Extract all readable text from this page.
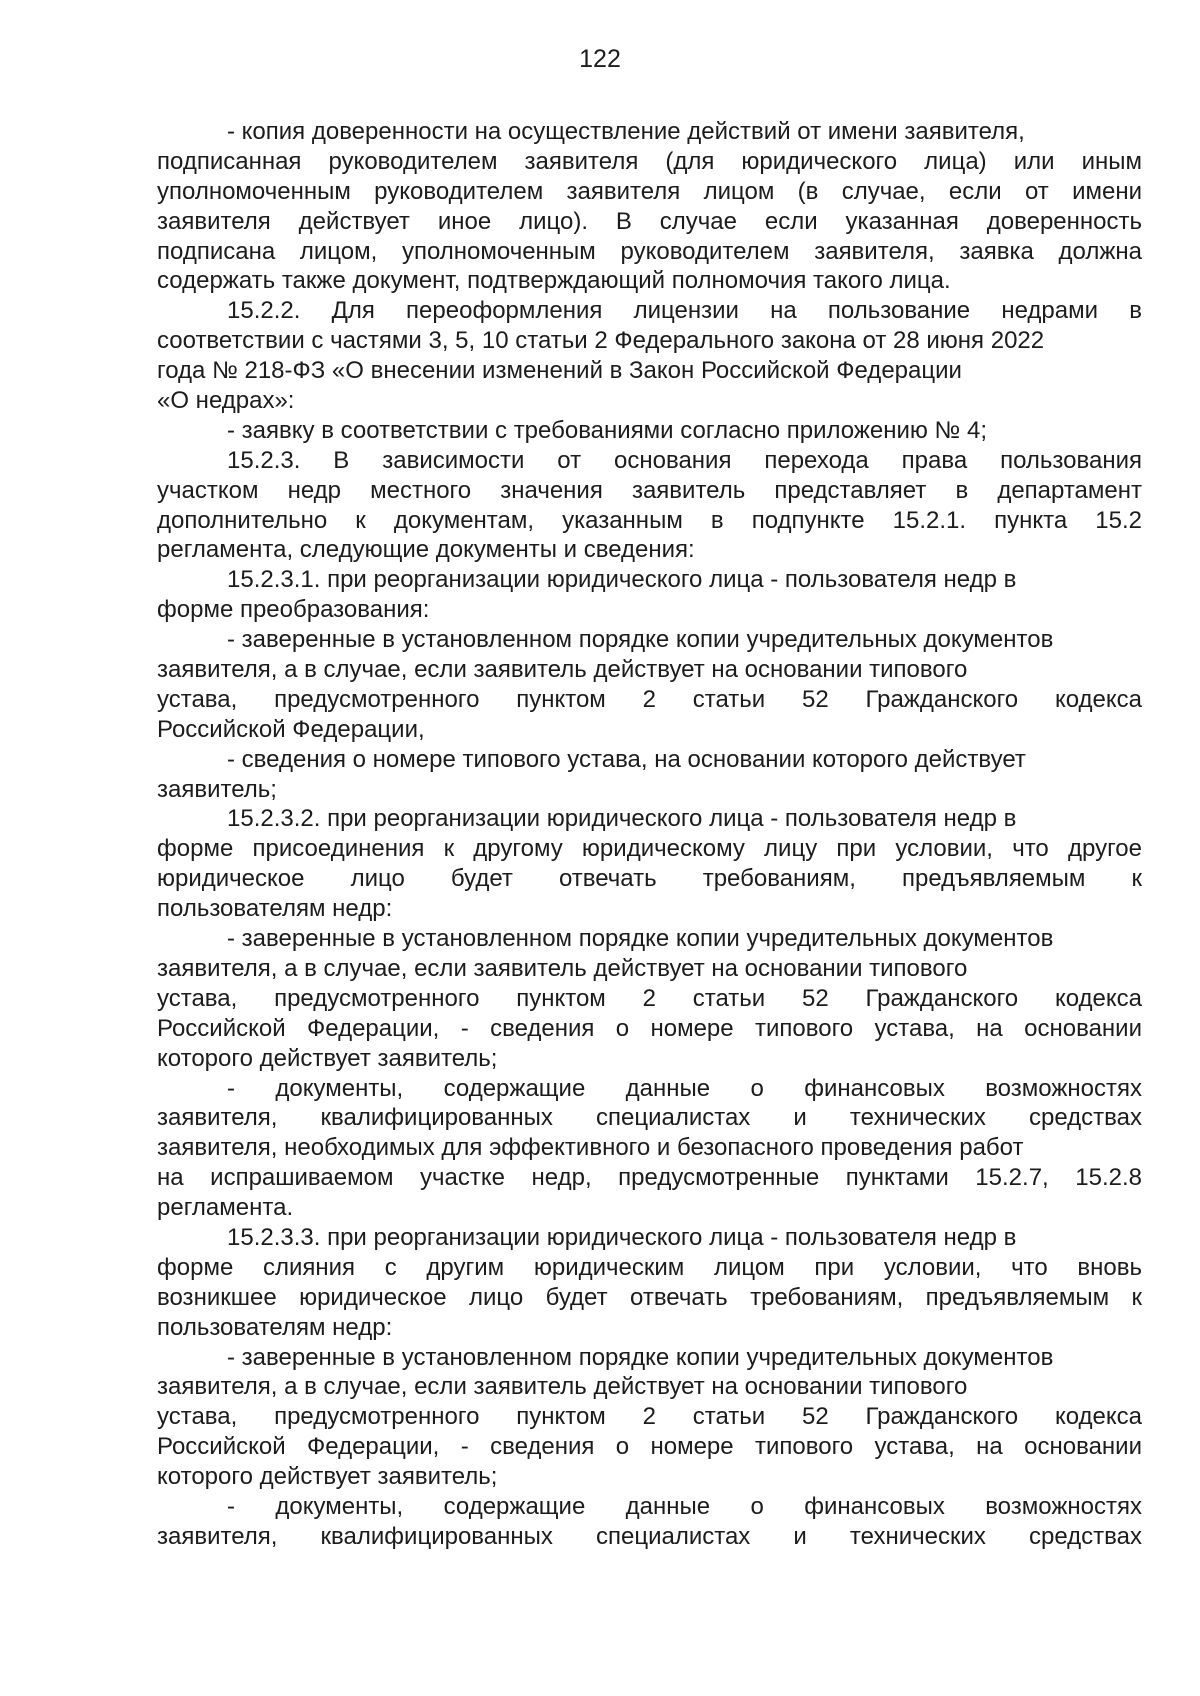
122
- копия доверенности на осуществление действий от имени заявителя,
подписанная руководителем заявителя (для юридического лица) или иным
уполномоченным руководителем заявителя лицом (в случае, если от имени
заявителя действует иное лицо). В случае если указанная доверенность
подписана лицом, уполномоченным руководителем заявителя, заявка должна
содержать также документ, подтверждающий полномочия такого лица.
15.2.2. Для переоформления лицензии на пользование недрами в
соответствии с частями 3, 5, 10 статьи 2 Федерального закона от 28 июня 2022
года № 218-ФЗ «О внесении изменений в Закон Российской Федерации
«О недрах»:
- заявку в соответствии с требованиями согласно приложению № 4;
15.2.3. В зависимости от основания перехода права пользования
участком недр местного значения заявитель представляет в департамент
дополнительно к документам, указанным в подпункте 15.2.1. пункта 15.2
регламента, следующие документы и сведения:
15.2.3.1. при реорганизации юридического лица - пользователя недр в
форме преобразования:
- заверенные в установленном порядке копии учредительных документов
заявителя, а в случае, если заявитель действует на основании типового
устава, предусмотренного пунктом 2 статьи 52 Гражданского кодекса
Российской Федерации,
- сведения о номере типового устава, на основании которого действует
заявитель;
15.2.3.2. при реорганизации юридического лица - пользователя недр в
форме присоединения к другому юридическому лицу при условии, что другое
юридическое лицо будет отвечать требованиям, предъявляемым к
пользователям недр:
- заверенные в установленном порядке копии учредительных документов
заявителя, а в случае, если заявитель действует на основании типового
устава, предусмотренного пунктом 2 статьи 52 Гражданского кодекса
Российской Федерации, - сведения о номере типового устава, на основании
которого действует заявитель;
- документы, содержащие данные о финансовых возможностях
заявителя, квалифицированных специалистах и технических средствах
заявителя, необходимых для эффективного и безопасного проведения работ
на испрашиваемом участке недр, предусмотренные пунктами 15.2.7, 15.2.8
регламента.
15.2.3.3. при реорганизации юридического лица - пользователя недр в
форме слияния с другим юридическим лицом при условии, что вновь
возникшее юридическое лицо будет отвечать требованиям, предъявляемым к
пользователям недр:
- заверенные в установленном порядке копии учредительных документов
заявителя, а в случае, если заявитель действует на основании типового
устава, предусмотренного пунктом 2 статьи 52 Гражданского кодекса
Российской Федерации, - сведения о номере типового устава, на основании
которого действует заявитель;
- документы, содержащие данные о финансовых возможностях
заявителя, квалифицированных специалистах и технических средствах
